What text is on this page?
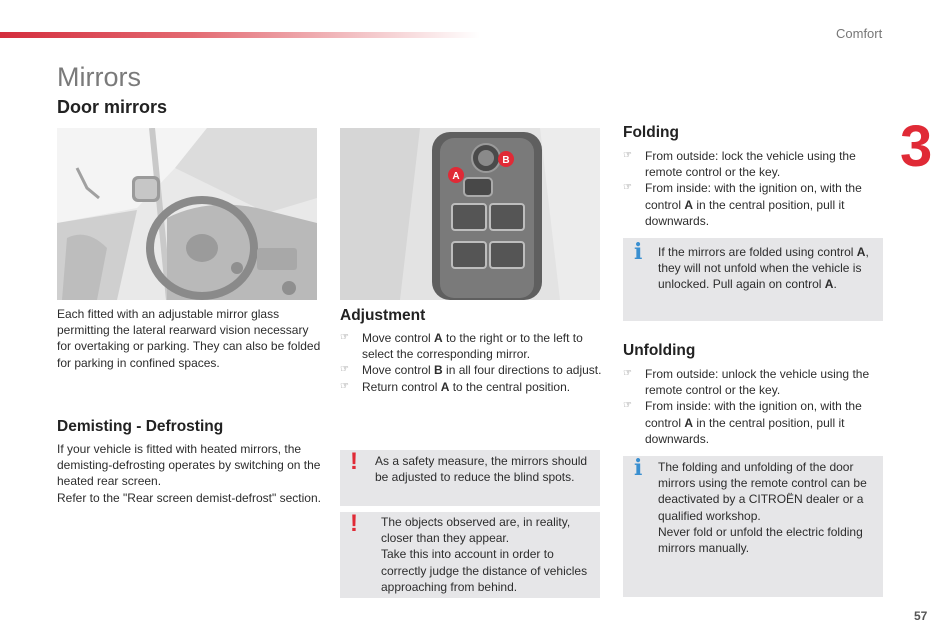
Comfort
3
Mirrors
Door mirrors
Each fitted with an adjustable mirror glass permitting the lateral rearward vision necessary for overtaking or parking. They can also be folded for parking in confined spaces.
Demisting - Defrosting

If your vehicle is fitted with heated mirrors, the demisting-defrosting operates by switching on the heated rear screen.

Refer to the "Rear screen demist-defrost" section.

A
B
Adjustment
☞ Move control A to the right or to the left to select the corresponding mirror.
☞ Move control B in all four directions to adjust.
☞ Return control A to the central position.
! As a safety measure, the mirrors should be adjusted to reduce the blind spots.
! The objects observed are, in reality, closer than they appear.
Take this into account in order to correctly judge the distance of vehicles approaching from behind.
Folding
☞ From outside: lock the vehicle using the remote control or the key.
☞ From inside: with the ignition on, with the control A in the central position, pull it downwards.
i If the mirrors are folded using control A, they will not unfold when the vehicle is unlocked. Pull again on control A.
Unfolding
☞ From outside: unlock the vehicle using the remote control or the key.
☞ From inside: with the ignition on, with the control A in the central position, pull it downwards.
i The folding and unfolding of the door mirrors using the remote control can be deactivated by a CITROËN dealer or a qualified workshop.
Never fold or unfold the electric folding mirrors manually.
57
